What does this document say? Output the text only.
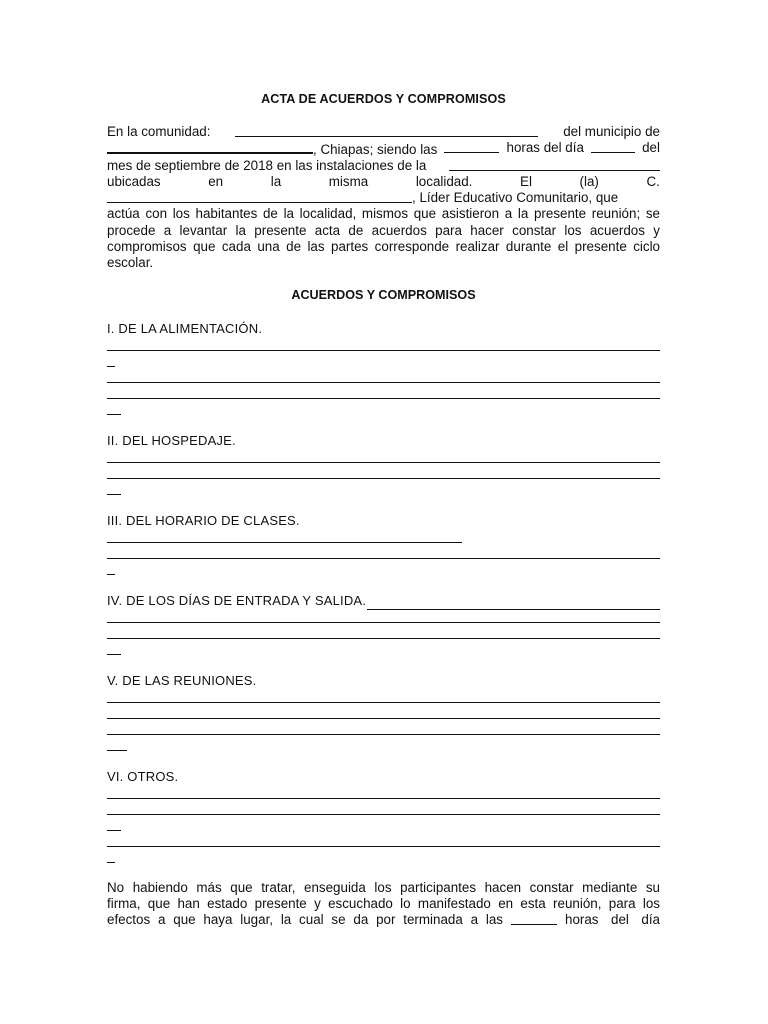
ACTA DE ACUERDOS Y COMPROMISOS
En la comunidad:	del municipio de
, Chiapas; siendo las	horas del día	del
mes de septiembre de 2018 en las instalaciones de la
ubicadas	en	la	misma	localidad.	El	(la)	C.
, Líder Educativo Comunitario, que

actúa con los habitantes de la localidad, mismos que asistieron a la presente reunión; se procede a levantar la presente acta de acuerdos para hacer constar los acuerdos y compromisos que cada una de las partes corresponde realizar durante el presente ciclo escolar.

ACUERDOS Y COMPROMISOS
I. DE LA ALIMENTACIÓN.
II. DEL HOSPEDAJE.
III. DEL HORARIO DE CLASES.
IV. DE LOS DÍAS DE ENTRADA Y SALIDA.
V. DE LAS REUNIONES.
VI. OTROS.
No habiendo más que tratar, enseguida los participantes hacen constar mediante su
firma, que han estado presente y escuchado lo manifestado en esta reunión, para los
efectos a que haya lugar, la cual se da por terminada a las	horas del día
